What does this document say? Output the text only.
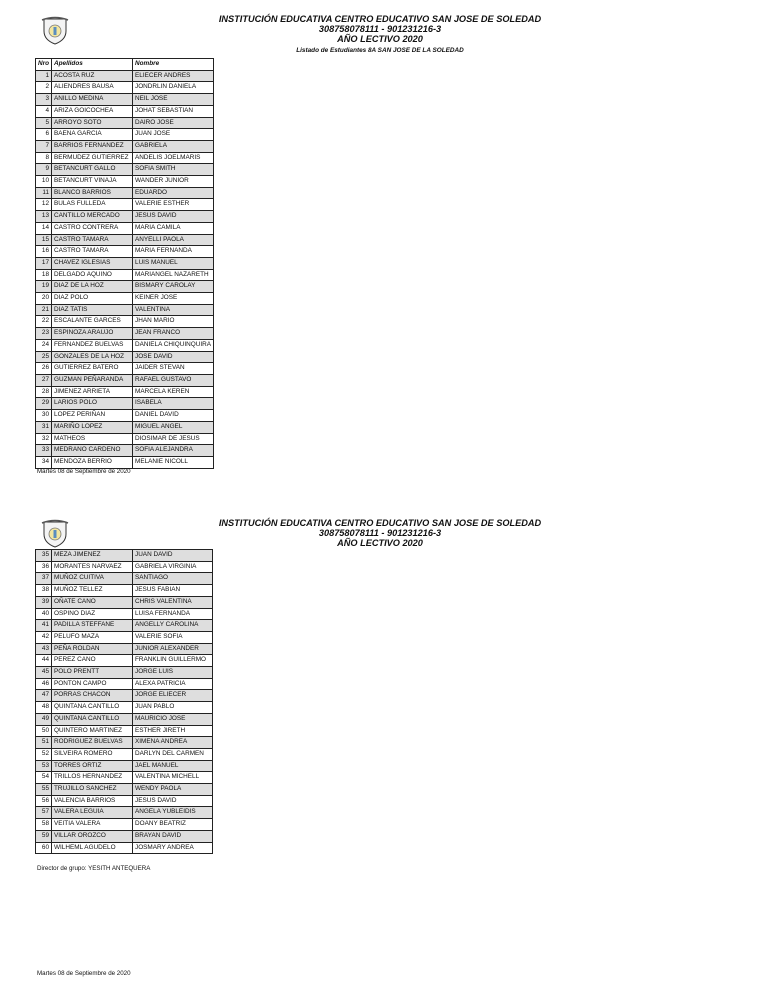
INSTITUCIÓN EDUCATIVA CENTRO EDUCATIVO SAN JOSE DE SOLEDAD
308758078111 - 901231216-3
AÑO LECTIVO 2020
Listado de Estudiantes 8A SAN JOSE DE LA SOLEDAD
Nro	Apellidos	Nombre
1	ACOSTA RUZ	ELIECER ANDRES
2	ALIENDRES BAUSA	JONDRLIN DANIELA
3	ANILLO MEDINA	NEIL JOSE
4	ARIZA GOICOCHEA	JOHAT SEBASTIAN
5	ARROYO SOTO	DAIRO JOSE
6	BAENA GARCIA	JUAN JOSE
7	BARRIOS FERNANDEZ	GABRIELA
8	BERMUDEZ GUTIERREZ	ANDELIS JOELMARIS
9	BETANCURT GALLO	SOFIA SMITH
10	BETANCURT VINAJA	WANDER JUNIOR
11	BLANCO BARRIOS	EDUARDO
12	BULAS FULLEDA	VALERIE ESTHER
13	CANTILLO MERCADO	JESUS DAVID
14	CASTRO CONTRERA	MARIA CAMILA
15	CASTRO TAMARA	ANYELLI PAOLA
16	CASTRO TAMARA	MARIA FERNANDA
17	CHAVEZ IGLESIAS	LUIS MANUEL
18	DELGADO AQUINO	MARIANGEL NAZARETH
19	DIAZ DE LA HOZ	BISMARY CAROLAY
20	DIAZ POLO	KEINER JOSE
21	DIAZ TATIS	VALENTINA
22	ESCALANTE GARCES	JHAN MARIO
23	ESPINOZA ARAUJO	JEAN FRANCO
24	FERNANDEZ BUELVAS	DANIELA CHIQUINQUIRA
25	GONZALES DE LA HOZ	JOSE DAVID
26	GUTIERREZ BATERO	JAIDER STEVAN
27	GUZMAN PEÑARANDA	RAFAEL GUSTAVO
28	JIMENEZ ARRIETA	MARCELA KEREN
29	LARIOS POLO	ISABELA
30	LOPEZ PERIÑAN	DANIEL DAVID
31	MARIÑO LOPEZ	MIGUEL ANGEL
32	MATHEOS	DIOSIMAR DE JESUS
33	MEDRANO CARDENO	SOFIA ALEJANDRA
34	MENDOZA BERRIO	MELANIE NICOLL
Martes 08 de Septiembre de 2020
INSTITUCIÓN EDUCATIVA CENTRO EDUCATIVO SAN JOSE DE SOLEDAD
308758078111 - 901231216-3
AÑO LECTIVO 2020
35	MEZA JIMENEZ	JUAN DAVID
36	MORANTES NARVAEZ	GABRIELA VIRGINIA
37	MUÑOZ CUITIVA	SANTIAGO
38	MUÑOZ TELLEZ	JESUS FABIAN
39	OÑATE CANO	CHRIS VALENTINA
40	OSPINO DIAZ	LUISA FERNANDA
41	PADILLA STEFFANE	ANGELLY CAROLINA
42	PELUFO MAZA	VALERIE SOFIA
43	PEÑA ROLDAN	JUNIOR ALEXANDER
44	PEREZ CANO	FRANKLIN GUILLERMO
45	POLO PRENTT	JORGE LUIS
46	PONTON CAMPO	ALEXA PATRICIA
47	PORRAS CHACON	JORGE ELIECER
48	QUINTANA CANTILLO	JUAN PABLO
49	QUINTANA CANTILLO	MAURICIO JOSE
50	QUINTERO MARTINEZ	ESTHER JIRETH
51	RODRIGUEZ BUELVAS	XIMENA ANDREA
52	SILVEIRA ROMERO	DARLYN DEL CARMEN
53	TORRES ORTIZ	JAEL MANUEL
54	TRILLOS HERNANDEZ	VALENTINA MICHELL
55	TRUJILLO SANCHEZ	WENDY PAOLA
56	VALENCIA BARRIOS	JESUS DAVID
57	VALERA LEGUIA	ANGELA YUBLEIDIS
58	VEITIA VALERA	DOANY BEATRIZ
59	VILLAR OROZCO	BRAYAN DAVID
60	WILHEML AGUDELO	JOSMARY ANDREA
Director de grupo: YESITH ANTEQUERA
Martes 08 de Septiembre de 2020
